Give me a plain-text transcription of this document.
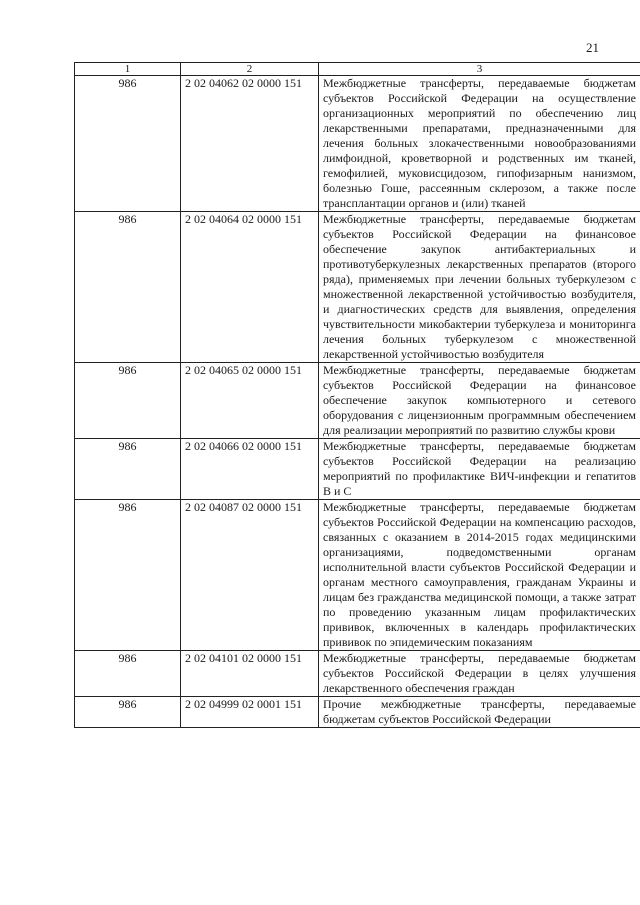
21
1	2	3
986	2 02 04062 02 0000 151	Межбюджетные трансферты, передаваемые бюджетам субъектов Российской Федерации на осуществление организационных мероприятий по обеспечению лиц лекарственными препаратами, предназначенными для лечения больных злокачественными новообразованиями лимфоидной, кроветворной и родственных им тканей, гемофилией, муковисцидозом, гипофизарным нанизмом, болезнью Гоше, рассеянным склерозом, а также после трансплантации органов и (или) тканей
986	2 02 04064 02 0000 151	Межбюджетные трансферты, передаваемые бюджетам субъектов Российской Федерации на финансовое обеспечение закупок антибактериальных и противотуберкулезных лекарственных препаратов (второго ряда), применяемых при лечении больных туберкулезом с множественной лекарственной устойчивостью возбудителя, и диагностических средств для выявления, определения чувствительности микобактерии туберкулеза и мониторинга лечения больных туберкулезом с множественной лекарственной устойчивостью возбудителя
986	2 02 04065 02 0000 151	Межбюджетные трансферты, передаваемые бюджетам субъектов Российской Федерации на финансовое обеспечение закупок компьютерного и сетевого оборудования с лицензионным программным обеспечением для реализации мероприятий по развитию службы крови
986	2 02 04066 02 0000 151	Межбюджетные трансферты, передаваемые бюджетам субъектов Российской Федерации на реализацию мероприятий по профилактике ВИЧ-инфекции и гепатитов В и С
986	2 02 04087 02 0000 151	Межбюджетные трансферты, передаваемые бюджетам субъектов Российской Федерации на компенсацию расходов, связанных с оказанием в 2014-2015 годах медицинскими организациями, подведомственными органам исполнительной власти субъектов Российской Федерации и органам местного самоуправления, гражданам Украины и лицам без гражданства медицинской помощи, а также затрат по проведению указанным лицам профилактических прививок, включенных в календарь профилактических прививок по эпидемическим показаниям
986	2 02 04101 02 0000 151	Межбюджетные трансферты, передаваемые бюджетам субъектов Российской Федерации в целях улучшения лекарственного обеспечения граждан
986	2 02 04999 02 0001 151	Прочие межбюджетные трансферты, передаваемые бюджетам субъектов Российской Федерации
